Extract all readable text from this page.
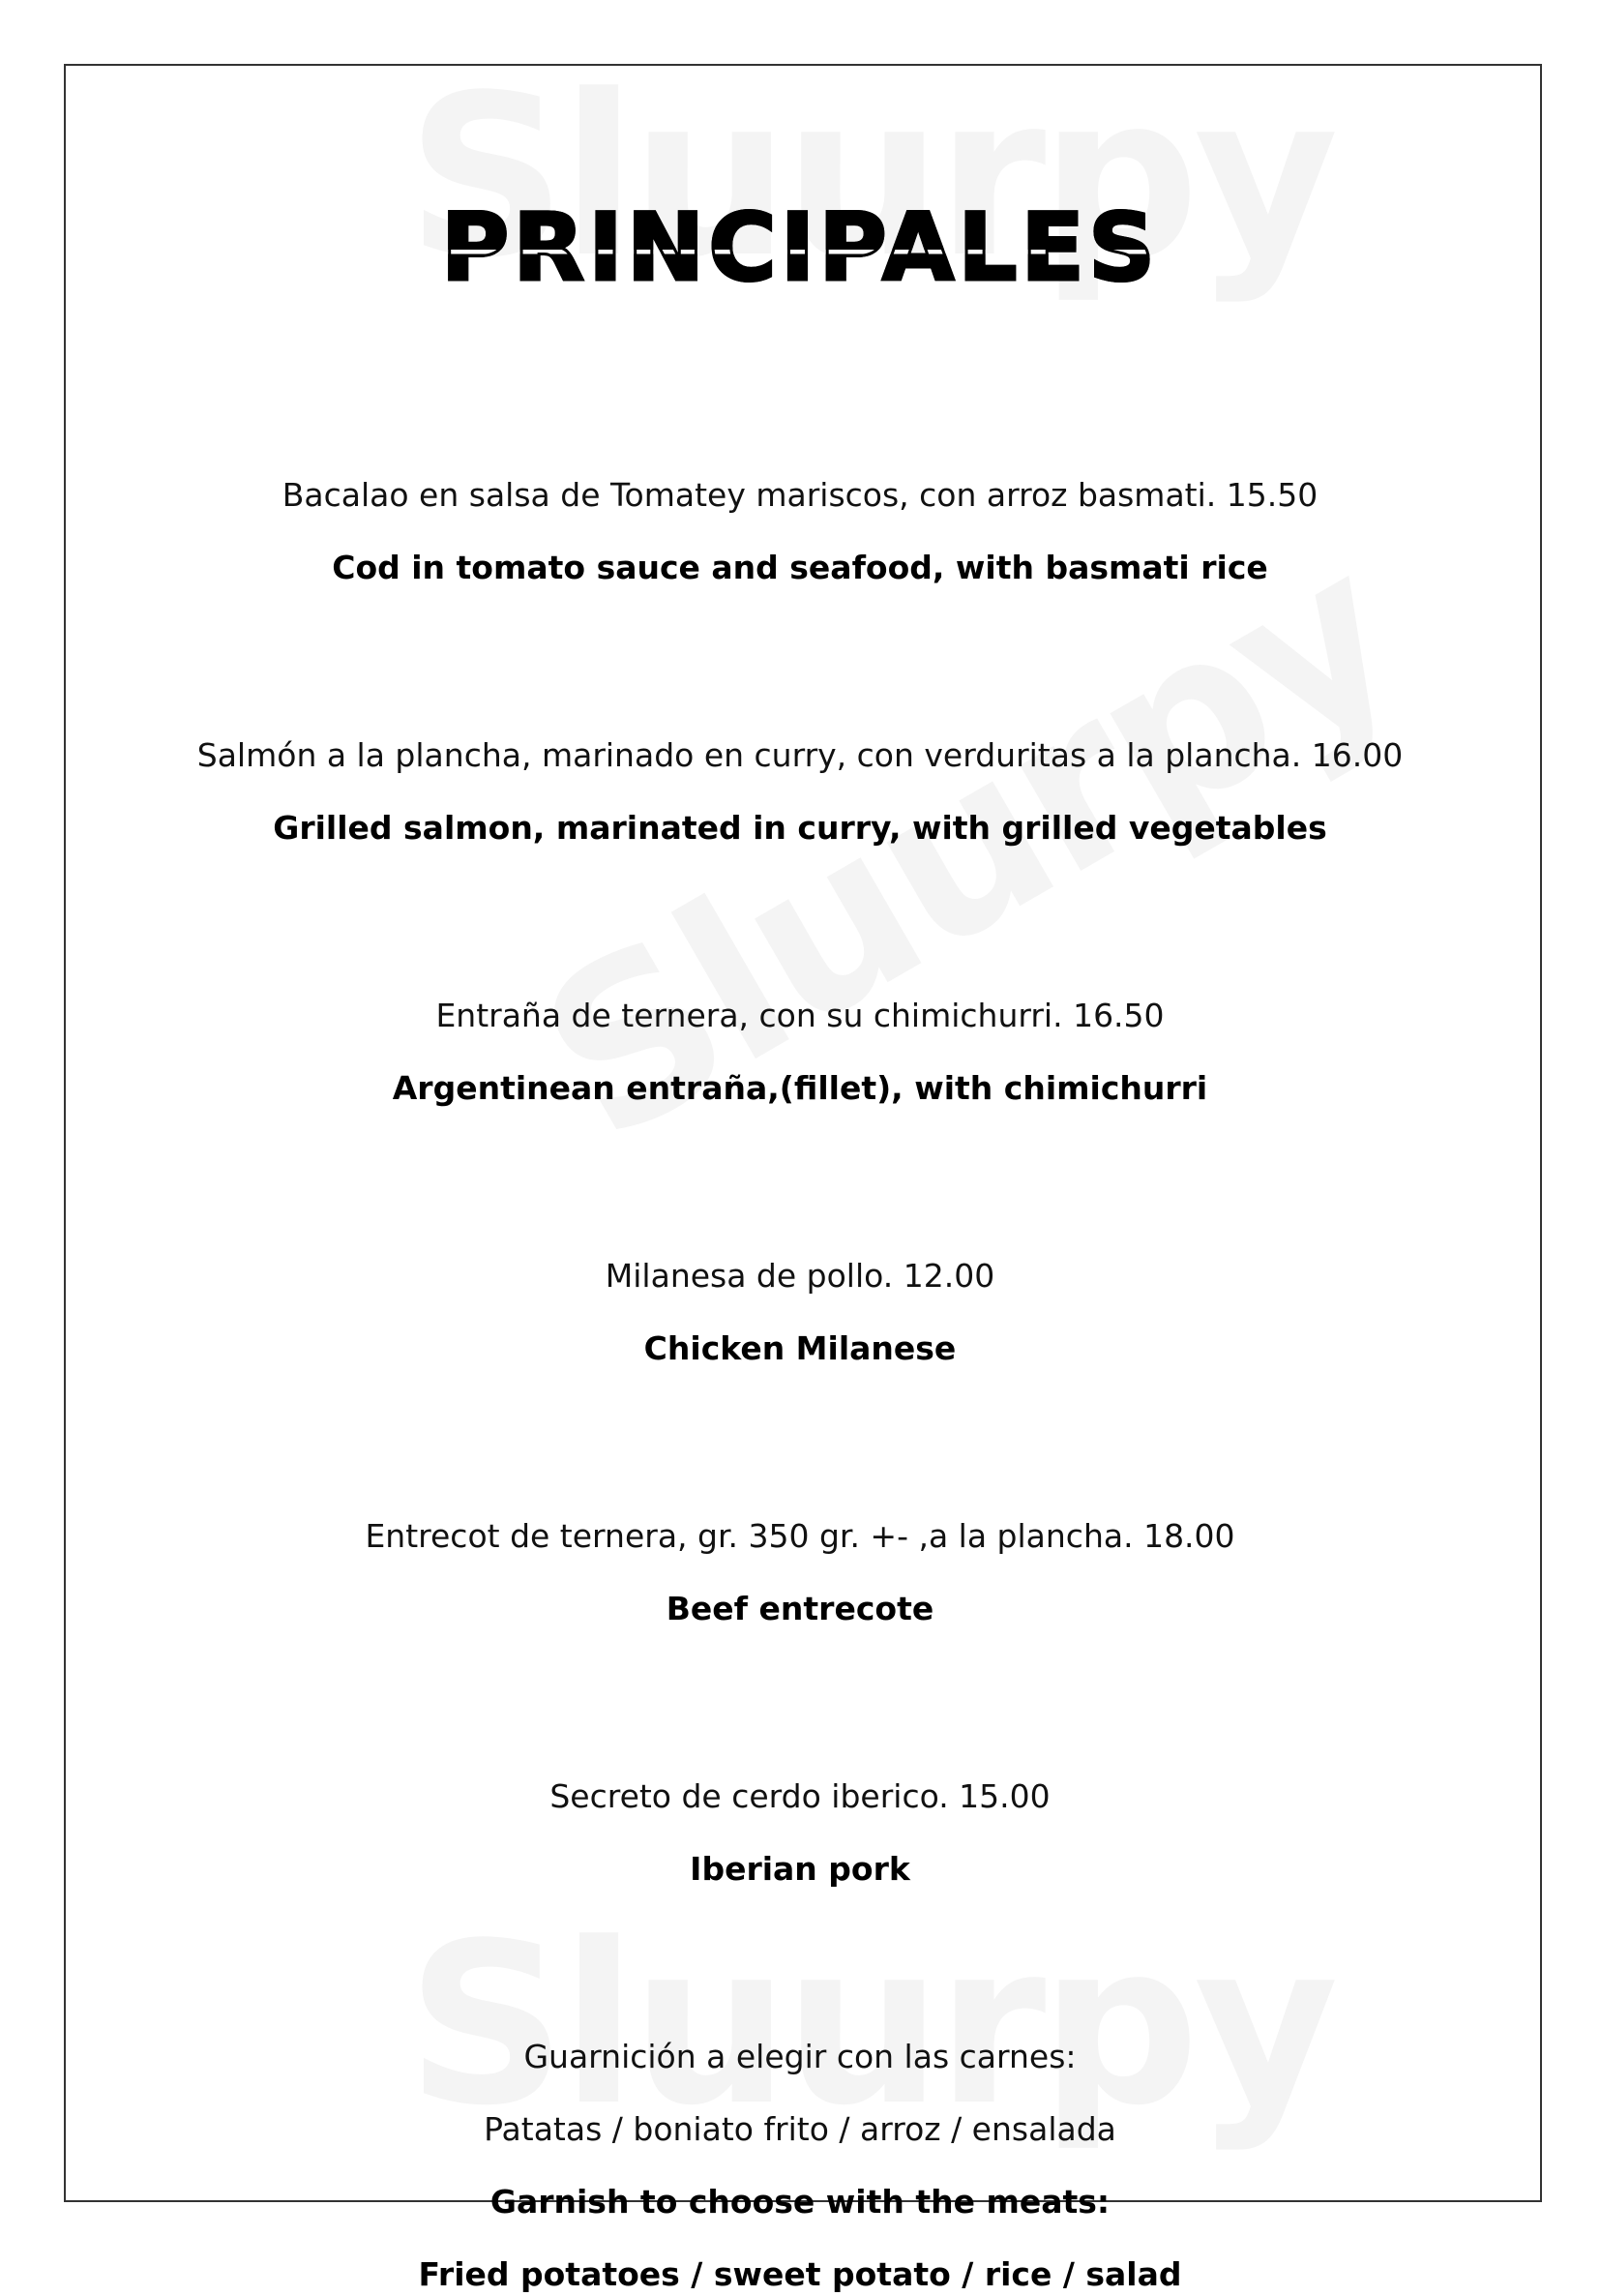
PRINCIPALES

Bacalao en salsa de Tomatey mariscos, con arroz basmati. 15.50

Cod in tomato sauce and seafood, with basmati rice

Salmón a la plancha, marinado en curry, con verduritas a la plancha. 16.00

Grilled salmon, marinated in curry, with grilled vegetables

Entraña de ternera, con su chimichurri. 16.50

Argentinean entraña,(fillet), with chimichurri

Milanesa de pollo. 12.00

Chicken Milanese

Entrecot de ternera, gr. 350 gr. +- ,a la plancha. 18.00

Beef entrecote

Secreto de cerdo iberico. 15.00

Iberian pork

Guarnición a elegir con las carnes:

Patatas / boniato frito / arroz / ensalada

Garnish to choose with the meats:

Fried potatoes / sweet potato / rice / salad
